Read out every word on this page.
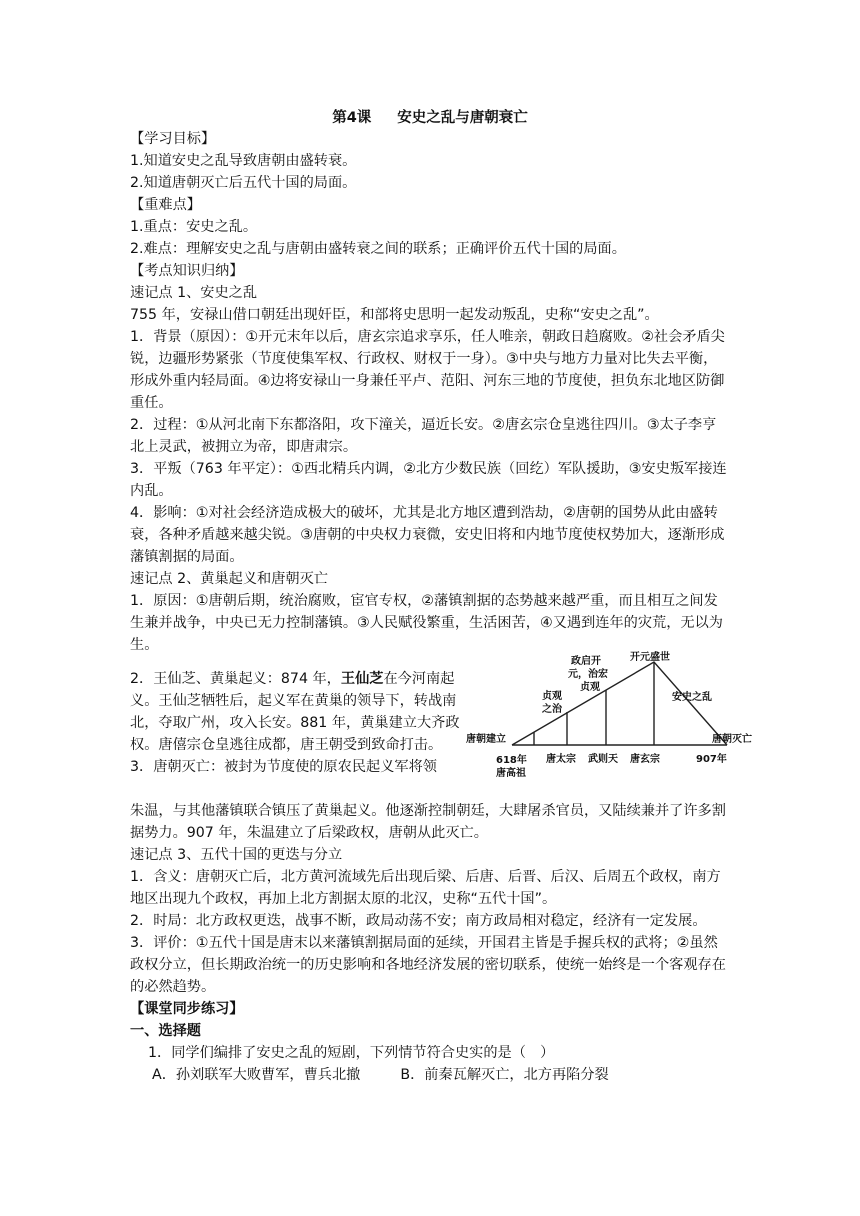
第4课 安史之乱与唐朝衰亡

【学习目标】

1.知道安史之乱导致唐朝由盛转衰。

2.知道唐朝灭亡后五代十国的局面。

【重难点】

1.重点：安史之乱。

2.难点：理解安史之乱与唐朝由盛转衰之间的联系；正确评价五代十国的局面。

【考点知识归纳】

速记点 1、安史之乱

755 年，安禄山借口朝廷出现奸臣，和部将史思明一起发动叛乱，史称“安史之乱”。

1．背景（原因）：①开元末年以后，唐玄宗追求享乐，任人唯亲，朝政日趋腐败。②社会矛盾尖锐，边疆形势紧张（节度使集军权、行政权、财权于一身）。③中央与地方力量对比失去平衡，形成外重内轻局面。④边将安禄山一身兼任平卢、范阳、河东三地的节度使，担负东北地区防御重任。

2．过程：①从河北南下东都洛阳，攻下潼关，逼近长安。②唐玄宗仓皇逃往四川。③太子李亨北上灵武，被拥立为帝，即唐肃宗。

3．平叛（763 年平定）：①西北精兵内调，②北方少数民族（回纥）军队援助，③安史叛军接连内乱。

4．影响：①对社会经济造成极大的破坏，尤其是北方地区遭到浩劫，②唐朝的国势从此由盛转衰，各种矛盾越来越尖锐。③唐朝的中央权力衰微，安史旧将和内地节度使权势加大，逐渐形成藩镇割据的局面。

速记点 2、黄巢起义和唐朝灭亡

1．原因：①唐朝后期，统治腐败，宦官专权，②藩镇割据的态势越来越严重，而且相互之间发生兼并战争，中央已无力控制藩镇。③人民赋役繁重，生活困苦，④又遇到连年的灾荒，无以为生。

2．王仙芝、黄巢起义：874 年，王仙芝在今河南起义。王仙芝牺牲后，起义军在黄巢的领导下，转战南北，夺取广州，攻入长安。881 年，黄巢建立大齐政权。唐僖宗仓皇逃往成都，唐王朝受到致命打击。

3．唐朝灭亡：被封为节度使的原农民起义军将领

唐朝建立
618年
唐高祖
贞观
之治
唐太宗 武则天 唐玄宗
政启开
元，治宏
贞观
开元盛世
安史之乱
唐朝灭亡
907年

朱温，与其他藩镇联合镇压了黄巢起义。他逐渐控制朝廷，大肆屠杀官员，又陆续兼并了许多割据势力。907 年，朱温建立了后梁政权，唐朝从此灭亡。

速记点 3、五代十国的更迭与分立

1．含义：唐朝灭亡后，北方黄河流域先后出现后梁、后唐、后晋、后汉、后周五个政权，南方地区出现九个政权，再加上北方割据太原的北汉，史称“五代十国”。

2．时局：北方政权更迭，战事不断，政局动荡不安；南方政局相对稳定，经济有一定发展。

3．评价：①五代十国是唐末以来藩镇割据局面的延续，开国君主皆是手握兵权的武将；②虽然政权分立，但长期政治统一的历史影响和各地经济发展的密切联系，使统一始终是一个客观存在的必然趋势。

【课堂同步练习】

一、选择题

1．同学们编排了安史之乱的短剧，下列情节符合史实的是（　）

A．孙刘联军大败曹军，曹兵北撤	B．前秦瓦解灭亡，北方再陷分裂
